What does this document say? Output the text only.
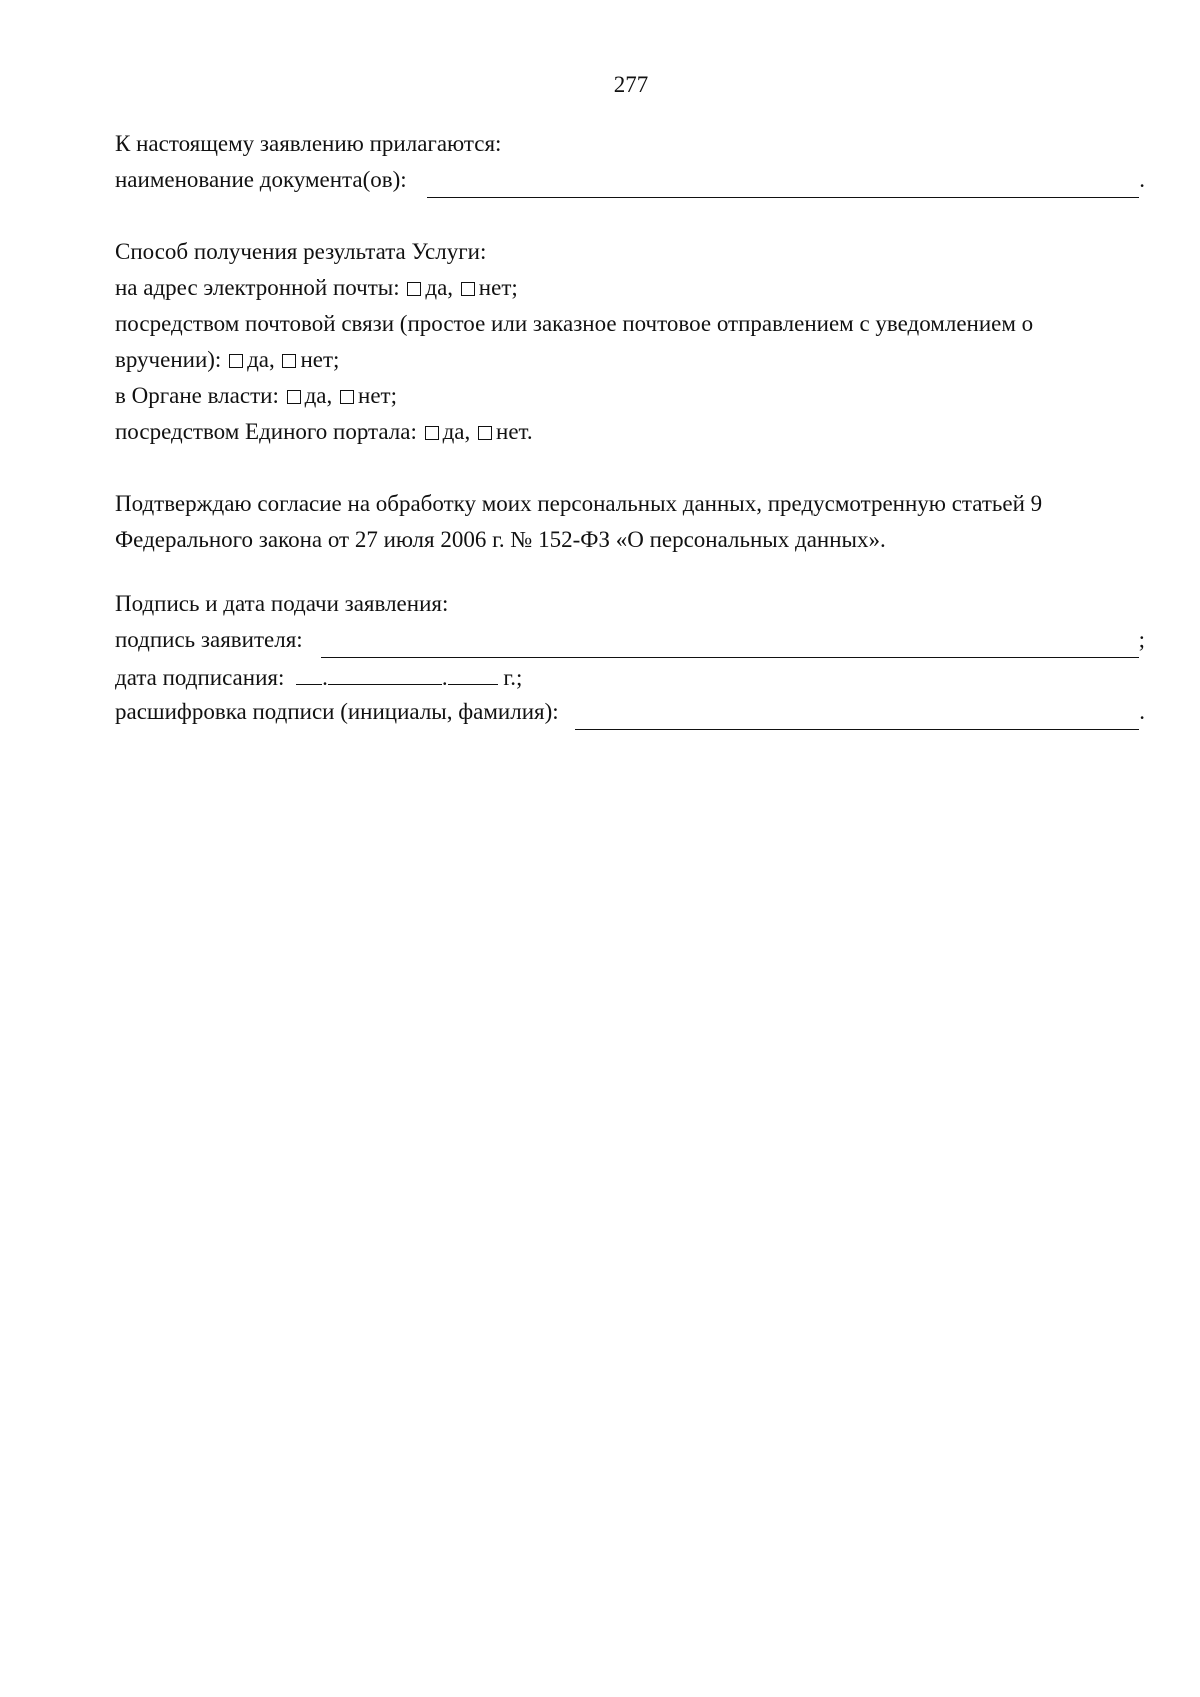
277
К настоящему заявлению прилагаются:
наименование документа(ов):	.
Способ получения результата Услуги:
на адрес электронной почты: да, нет;
посредством почтовой связи (простое или заказное почтовое отправлением с уведомлением о
вручении): да, нет;
в Органе власти: да, нет;
посредством Единого портала: да, нет.
Подтверждаю согласие на обработку моих персональных данных, предусмотренную статьей 9
Федерального закона от 27 июля 2006 г. № 152-ФЗ «О персональных данных».
Подпись и дата подачи заявления:
подпись заявителя:	;
дата подписания: .	. г.;
расшифровка подписи (инициалы, фамилия):	.
